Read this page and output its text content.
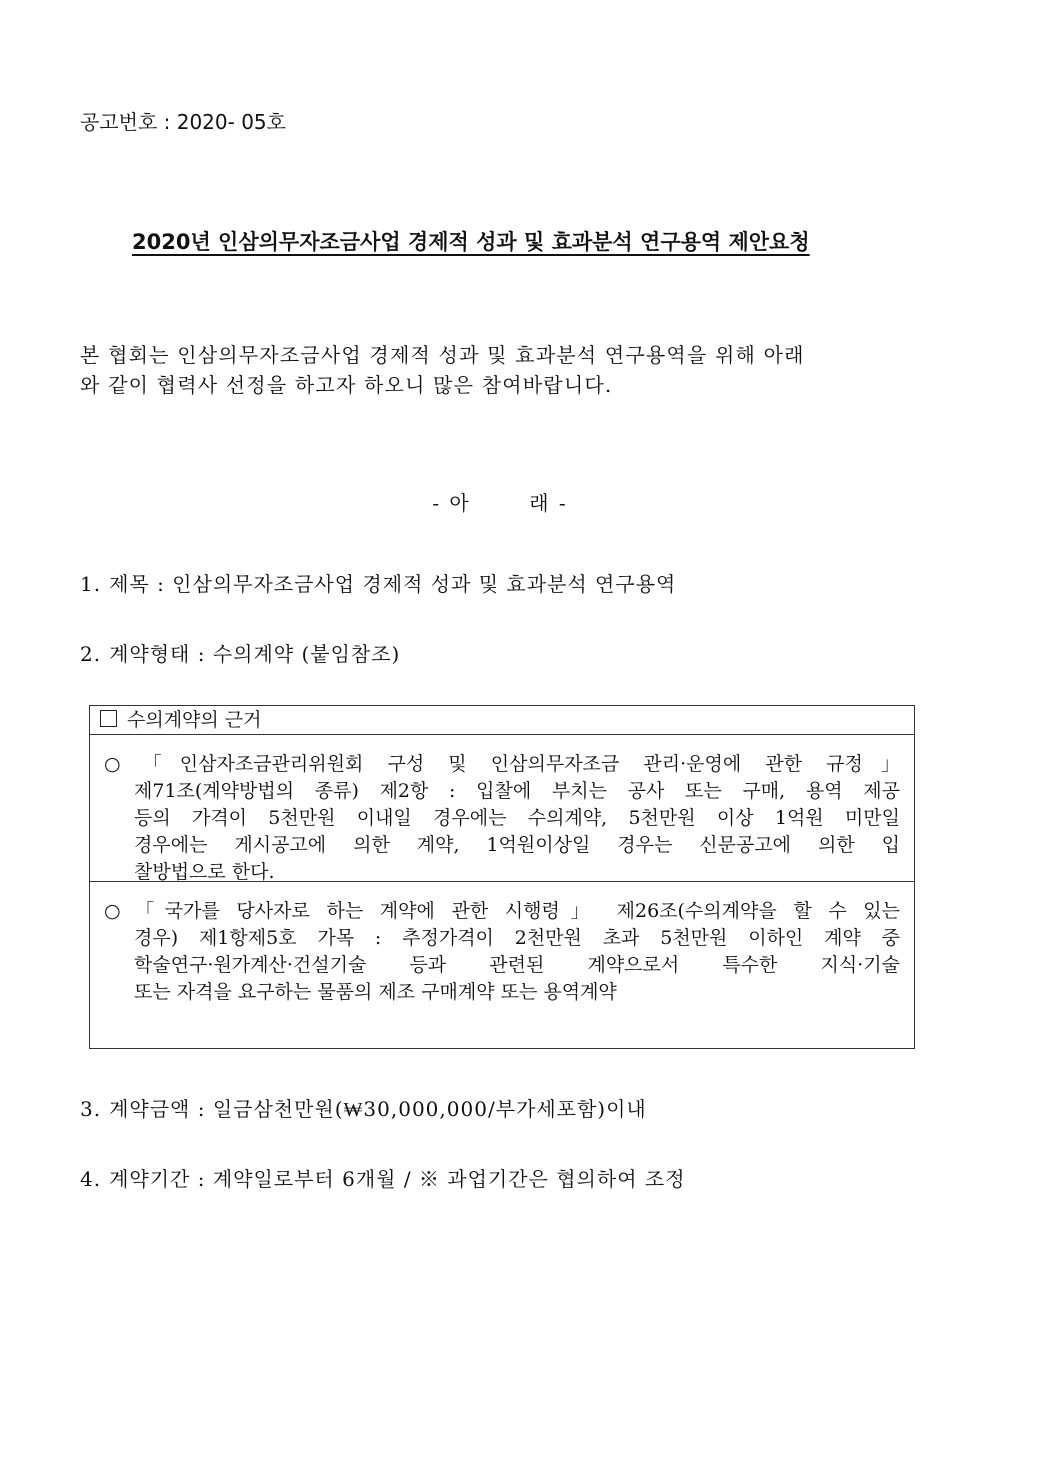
공고번호 : 2020- 05호
2020년 인삼의무자조금사업 경제적 성과 및 효과분석 연구용역 제안요청
본 협회는 인삼의무자조금사업 경제적 성과 및 효과분석 연구용역을 위해 아래
와 같이 협력사 선정을 하고자 하오니 많은 참여바랍니다.
- 아       래 -
1. 제목 : 인삼의무자조금사업 경제적 성과 및 효과분석 연구용역
2. 계약형태 : 수의계약 (붙임참조)
수의계약의 근거
○ 「인삼자조금관리위원회 구성 및 인삼의무자조금 관리·운영에 관한 규정」
제71조(계약방법의 종류) 제2항 : 입찰에 부치는 공사 또는 구매, 용역 제공
등의 가격이 5천만원 이내일 경우에는 수의계약, 5천만원 이상 1억원 미만일
경우에는 게시공고에 의한 계약, 1억원이상일 경우는 신문공고에 의한 입
찰방법으로 한다.
○ 「국가를 당사자로 하는 계약에 관한 시행령」 제26조(수의계약을 할 수 있는
경우) 제1항제5호 가목 : 추정가격이 2천만원 초과 5천만원 이하인 계약 중
학술연구·원가계산·건설기술 등과 관련된 계약으로서 특수한 지식·기술
또는 자격을 요구하는 물품의 제조 구매계약 또는 용역계약
3. 계약금액 : 일금삼천만원(₩30,000,000/부가세포함)이내
4. 계약기간 : 계약일로부터 6개월 / ※ 과업기간은 협의하여 조정
